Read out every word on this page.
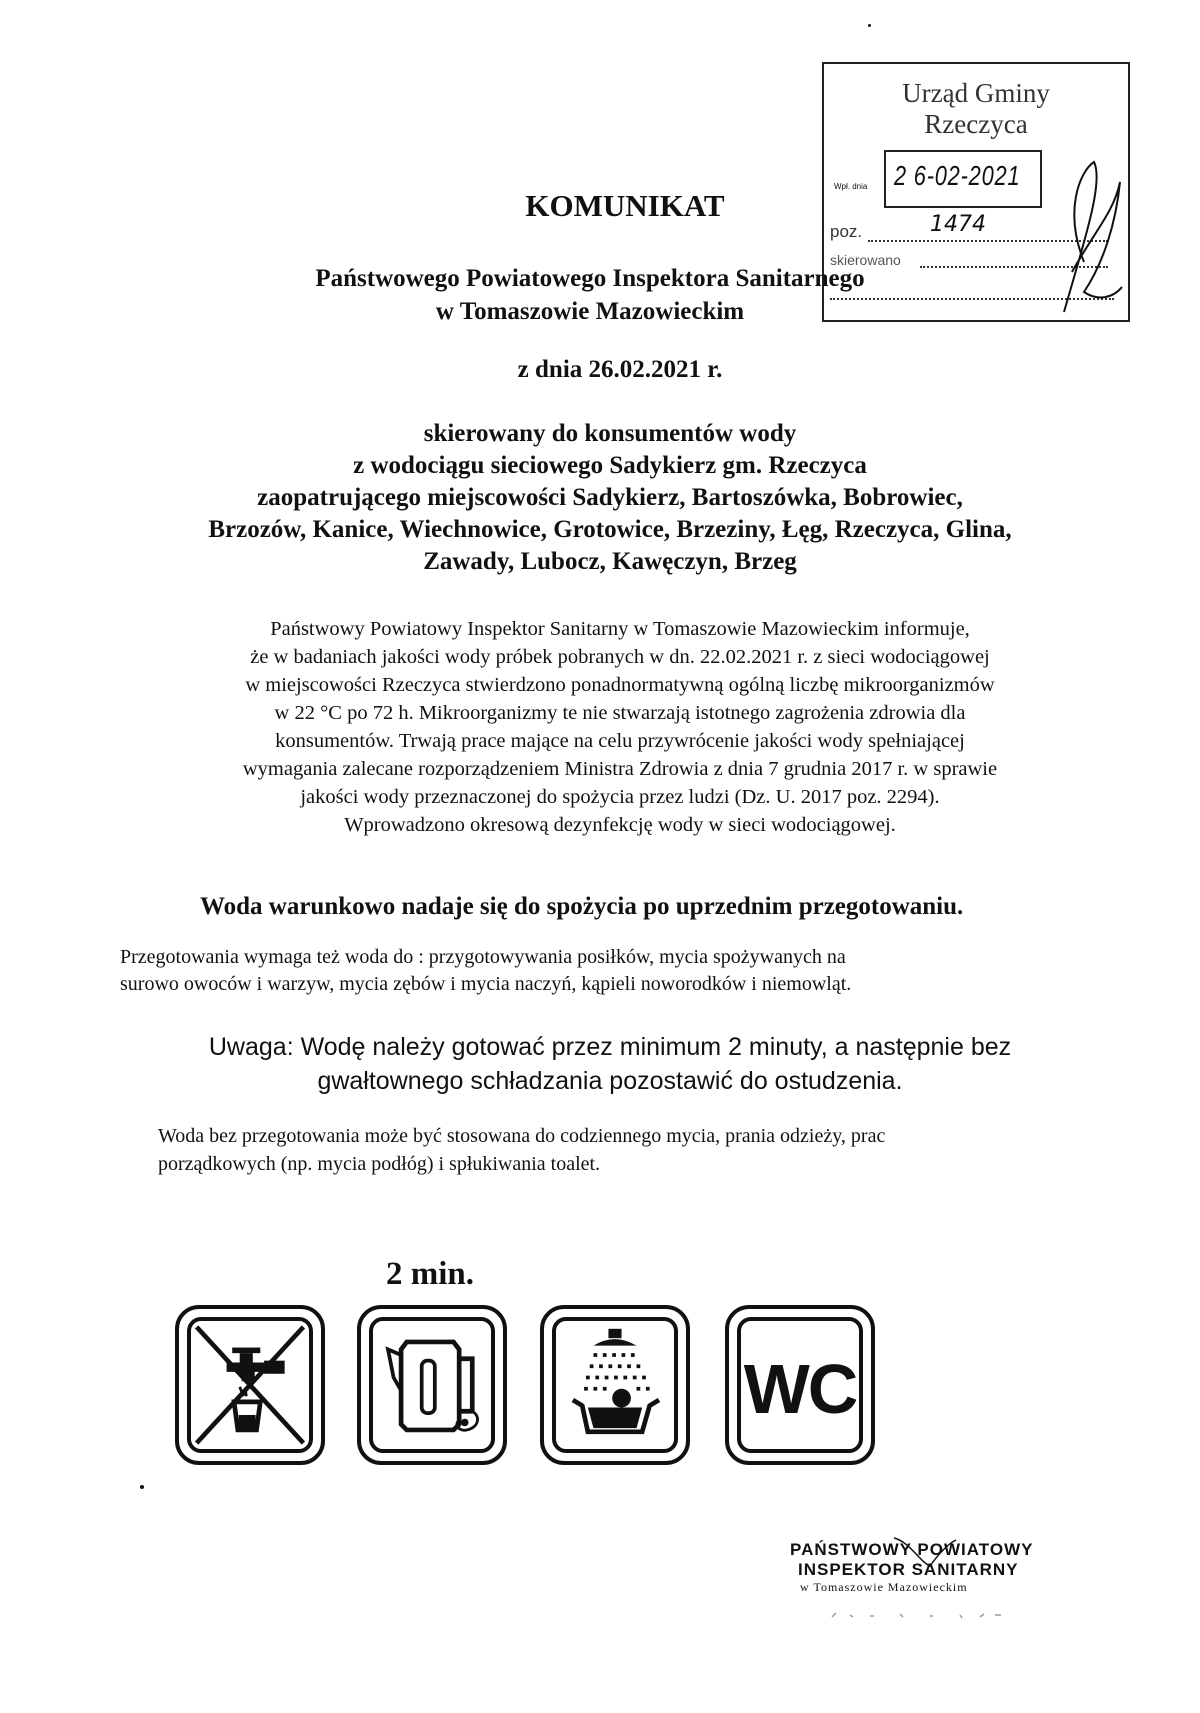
Urząd Gminy
Rzeczyca
Wpł. dnia 2 6-02-2021
poz.	1474
skierowano
KOMUNIKAT
Państwowego Powiatowego Inspektora Sanitarnego
w Tomaszowie Mazowieckim
z dnia 26.02.2021 r.
skierowany do konsumentów wody
z wodociągu sieciowego Sadykierz gm. Rzeczyca
zaopatrującego miejscowości Sadykierz, Bartoszówka, Bobrowiec,
Brzozów, Kanice, Wiechnowice, Grotowice, Brzeziny, Łęg, Rzeczyca, Glina,
Zawady, Lubocz, Kawęczyn, Brzeg
Państwowy Powiatowy Inspektor Sanitarny w Tomaszowie Mazowieckim informuje,
że w badaniach jakości wody próbek pobranych w dn. 22.02.2021 r. z sieci wodociągowej
w miejscowości Rzeczyca stwierdzono ponadnormatywną ogólną liczbę mikroorganizmów
w 22 °C po 72 h. Mikroorganizmy te nie stwarzają istotnego zagrożenia zdrowia dla
konsumentów. Trwają prace mające na celu przywrócenie jakości wody spełniającej
wymagania zalecane rozporządzeniem Ministra Zdrowia z dnia 7 grudnia 2017 r. w sprawie
jakości wody przeznaczonej do spożycia przez ludzi (Dz. U. 2017 poz. 2294).
Wprowadzono okresową dezynfekcję wody w sieci wodociągowej.
Woda warunkowo nadaje się do spożycia po uprzednim przegotowaniu.
Przegotowania wymaga też woda do : przygotowywania posiłków, mycia spożywanych na
surowo owoców i warzyw, mycia zębów i mycia naczyń, kąpieli noworodków i niemowląt.
Uwaga: Wodę należy gotować przez minimum 2 minuty, a następnie bez
gwałtownego schładzania pozostawić do ostudzenia.
Woda bez przegotowania może być stosowana do codziennego mycia, prania odzieży, prac
porządkowych (np. mycia podłóg) i spłukiwania toalet.
2 min.
WC
PAŃSTWOWY POWIATOWY
INSPEKTOR SANITARNY
w Tomaszowie Mazowieckim
